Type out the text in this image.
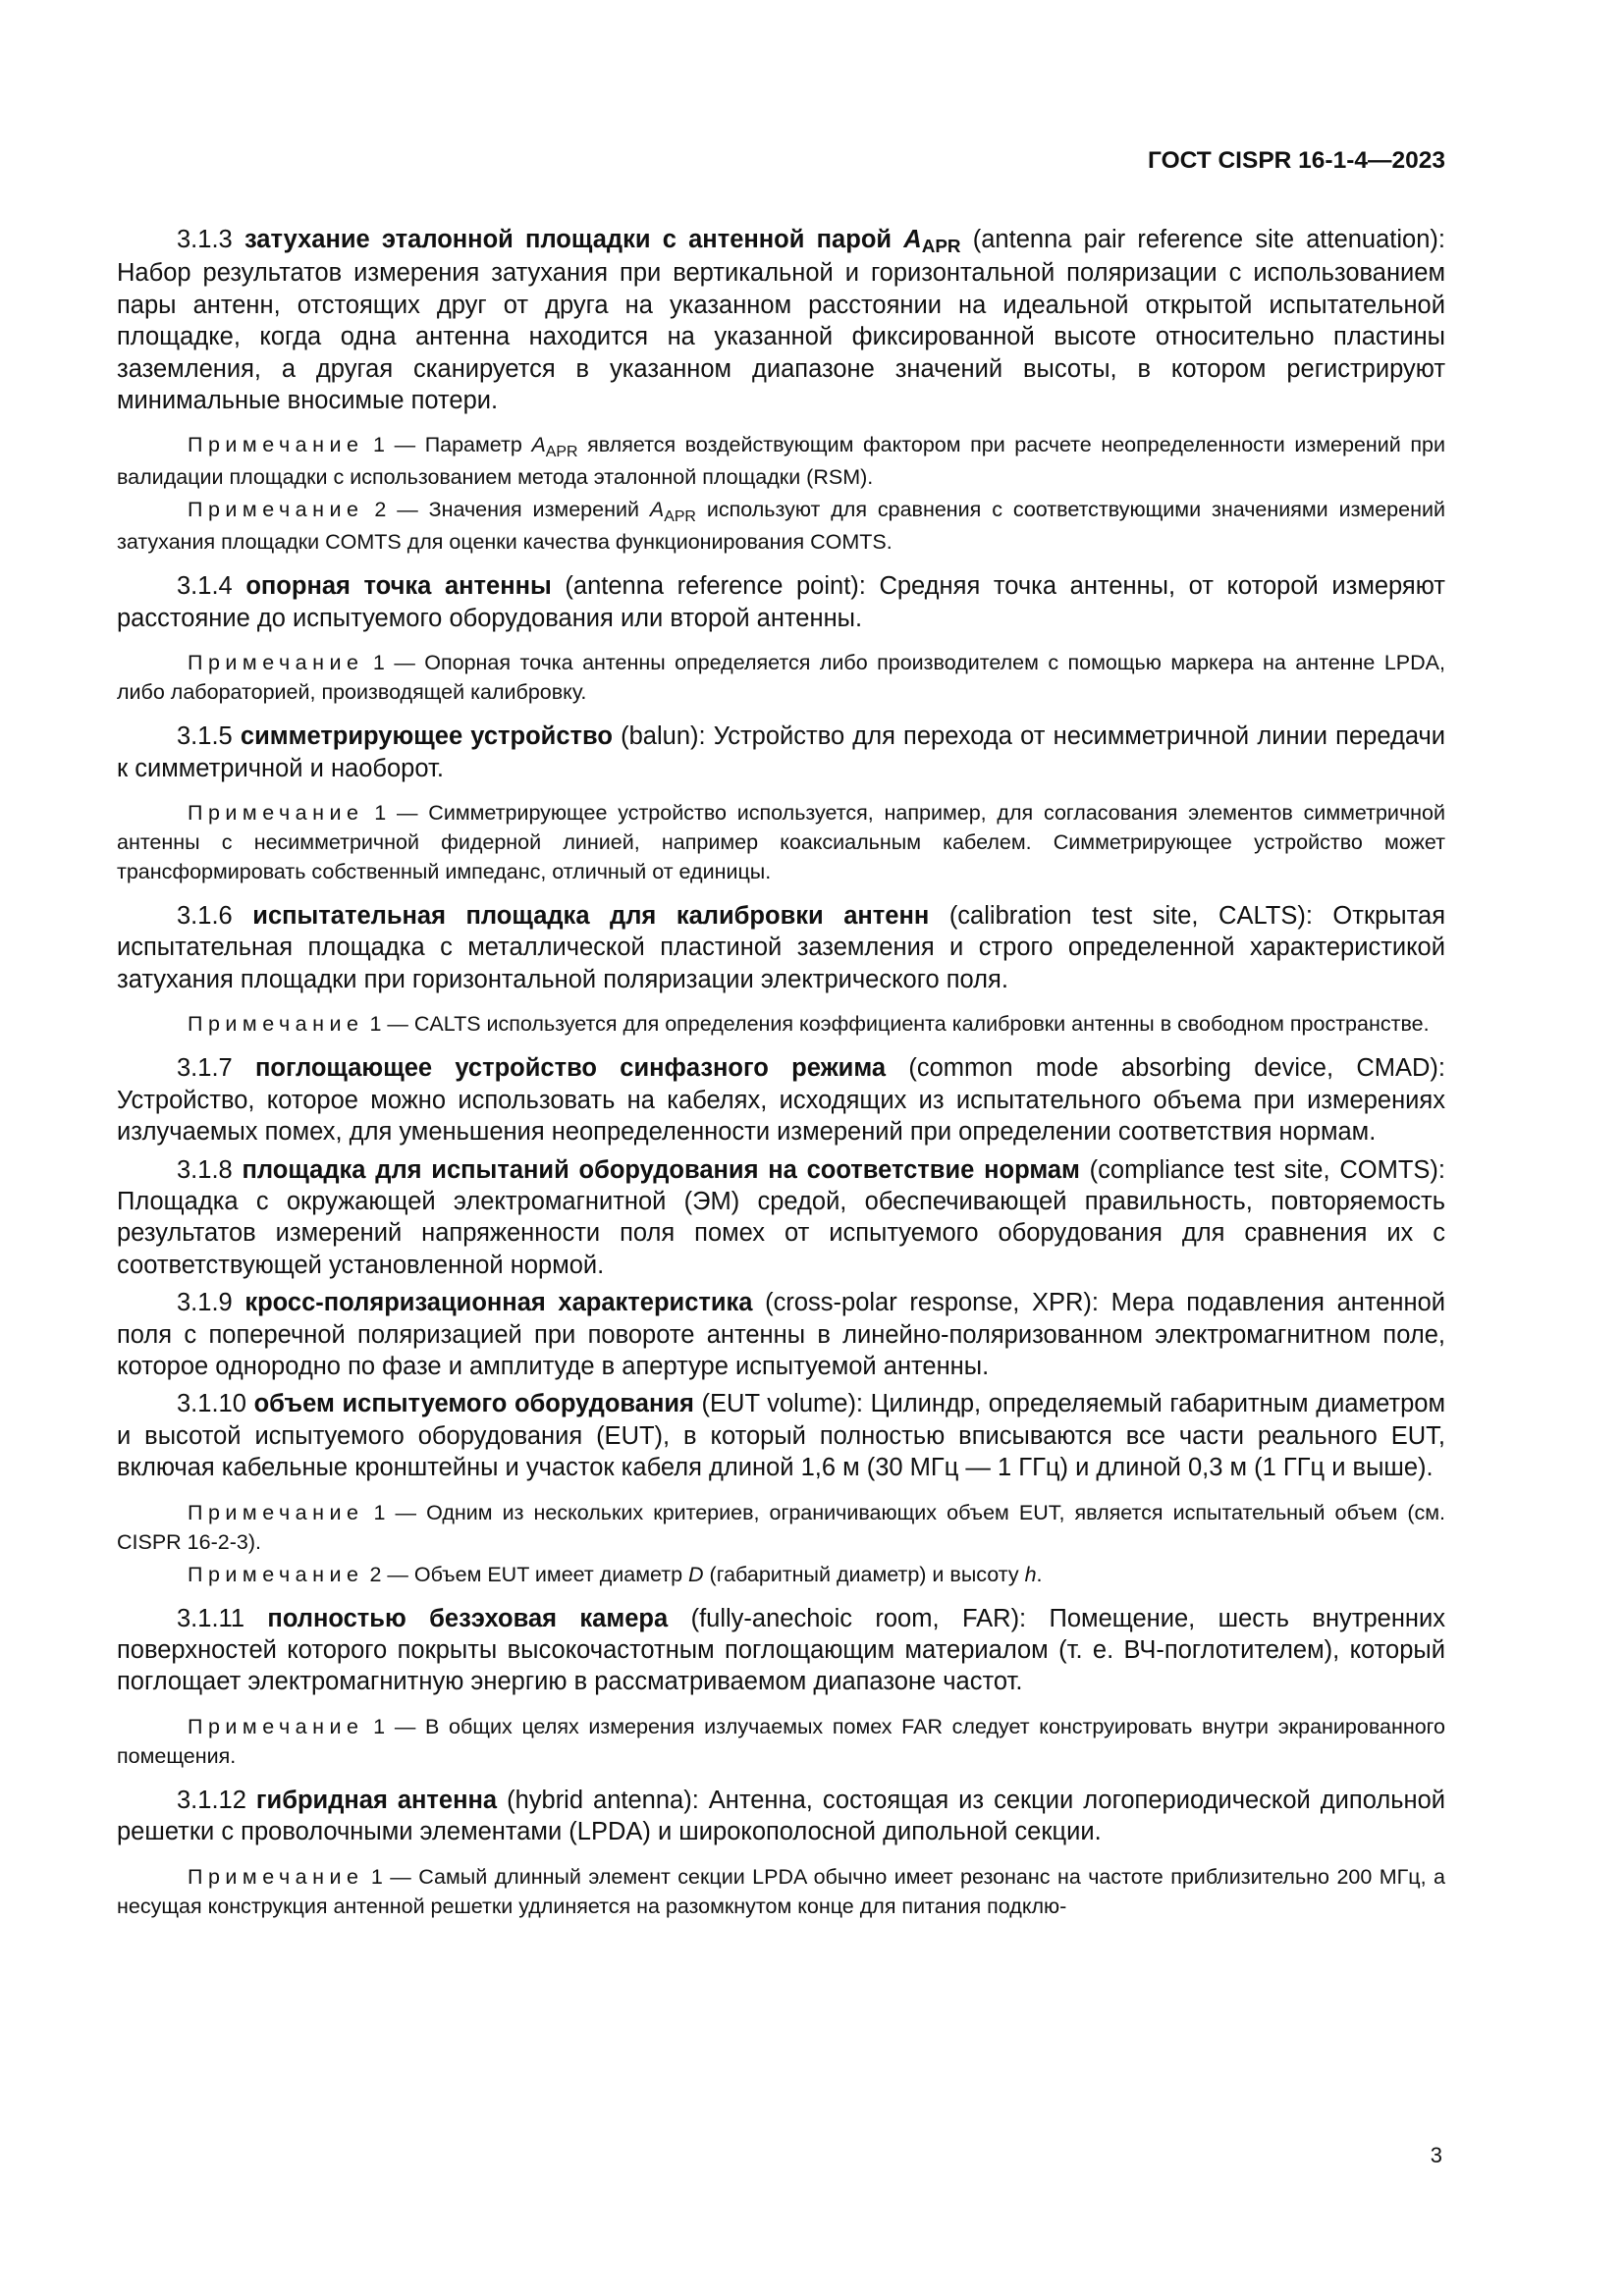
ГОСТ CISPR 16-1-4—2023

3.1.3 затухание эталонной площадки с антенной парой $A_{APR}$ (antenna pair reference site attenuation): Набор результатов измерения затухания при вертикальной и горизонтальной поляризации с использованием пары антенн, отстоящих друг от друга на указанном расстоянии на идеальной открытой испытательной площадке, когда одна антенна находится на указанной фиксированной высоте относительно пластины заземления, а другая сканируется в указанном диапазоне значений высоты, в котором регистрируют минимальные вносимые потери.

Примечание 1 — Параметр $A_{APR}$ является воздействующим фактором при расчете неопределенности измерений при валидации площадки с использованием метода эталонной площадки (RSM).

Примечание 2 — Значения измерений $A_{APR}$ используют для сравнения с соответствующими значениями измерений затухания площадки COMTS для оценки качества функционирования COMTS.

3.1.4 опорная точка антенны (antenna reference point): Средняя точка антенны, от которой измеряют расстояние до испытуемого оборудования или второй антенны.

Примечание 1 — Опорная точка антенны определяется либо производителем с помощью маркера на антенне LPDA, либо лабораторией, производящей калибровку.

3.1.5 симметрирующее устройство (balun): Устройство для перехода от несимметричной линии передачи к симметричной и наоборот.

Примечание 1 — Симметрирующее устройство используется, например, для согласования элементов симметричной антенны с несимметричной фидерной линией, например коаксиальным кабелем. Симметрирующее устройство может трансформировать собственный импеданс, отличный от единицы.

3.1.6 испытательная площадка для калибровки антенн (calibration test site, CALTS): Открытая испытательная площадка с металлической пластиной заземления и строго определенной характеристикой затухания площадки при горизонтальной поляризации электрического поля.

Примечание 1 — CALTS используется для определения коэффициента калибровки антенны в свободном пространстве.

3.1.7 поглощающее устройство синфазного режима (common mode absorbing device, CMAD): Устройство, которое можно использовать на кабелях, исходящих из испытательного объема при измерениях излучаемых помех, для уменьшения неопределенности измерений при определении соответствия нормам.

3.1.8 площадка для испытаний оборудования на соответствие нормам (compliance test site, COMTS): Площадка с окружающей электромагнитной (ЭМ) средой, обеспечивающей правильность, повторяемость результатов измерений напряженности поля помех от испытуемого оборудования для сравнения их с соответствующей установленной нормой.

3.1.9 кросс-поляризационная характеристика (cross-polar response, XPR): Мера подавления антенной поля с поперечной поляризацией при повороте антенны в линейно-поляризованном электромагнитном поле, которое однородно по фазе и амплитуде в апертуре испытуемой антенны.

3.1.10 объем испытуемого оборудования (EUT volume): Цилиндр, определяемый габаритным диаметром и высотой испытуемого оборудования (EUT), в который полностью вписываются все части реального EUT, включая кабельные кронштейны и участок кабеля длиной 1,6 м (30 МГц — 1 ГГц) и длиной 0,3 м (1 ГГц и выше).

Примечание 1 — Одним из нескольких критериев, ограничивающих объем EUT, является испытательный объем (см. CISPR 16-2-3).

Примечание 2 — Объем EUT имеет диаметр D (габаритный диаметр) и высоту h.

3.1.11 полностью безэховая камера (fully-anechoic room, FAR): Помещение, шесть внутренних поверхностей которого покрыты высокочастотным поглощающим материалом (т. е. ВЧ-поглотителем), который поглощает электромагнитную энергию в рассматриваемом диапазоне частот.

Примечание 1 — В общих целях измерения излучаемых помех FAR следует конструировать внутри экранированного помещения.

3.1.12 гибридная антенна (hybrid antenna): Антенна, состоящая из секции логопериодической дипольной решетки с проволочными элементами (LPDA) и широкополосной дипольной секции.

Примечание 1 — Самый длинный элемент секции LPDA обычно имеет резонанс на частоте приблизительно 200 МГц, а несущая конструкция антенной решетки удлиняется на разомкнутом конце для питания подклю-

3
